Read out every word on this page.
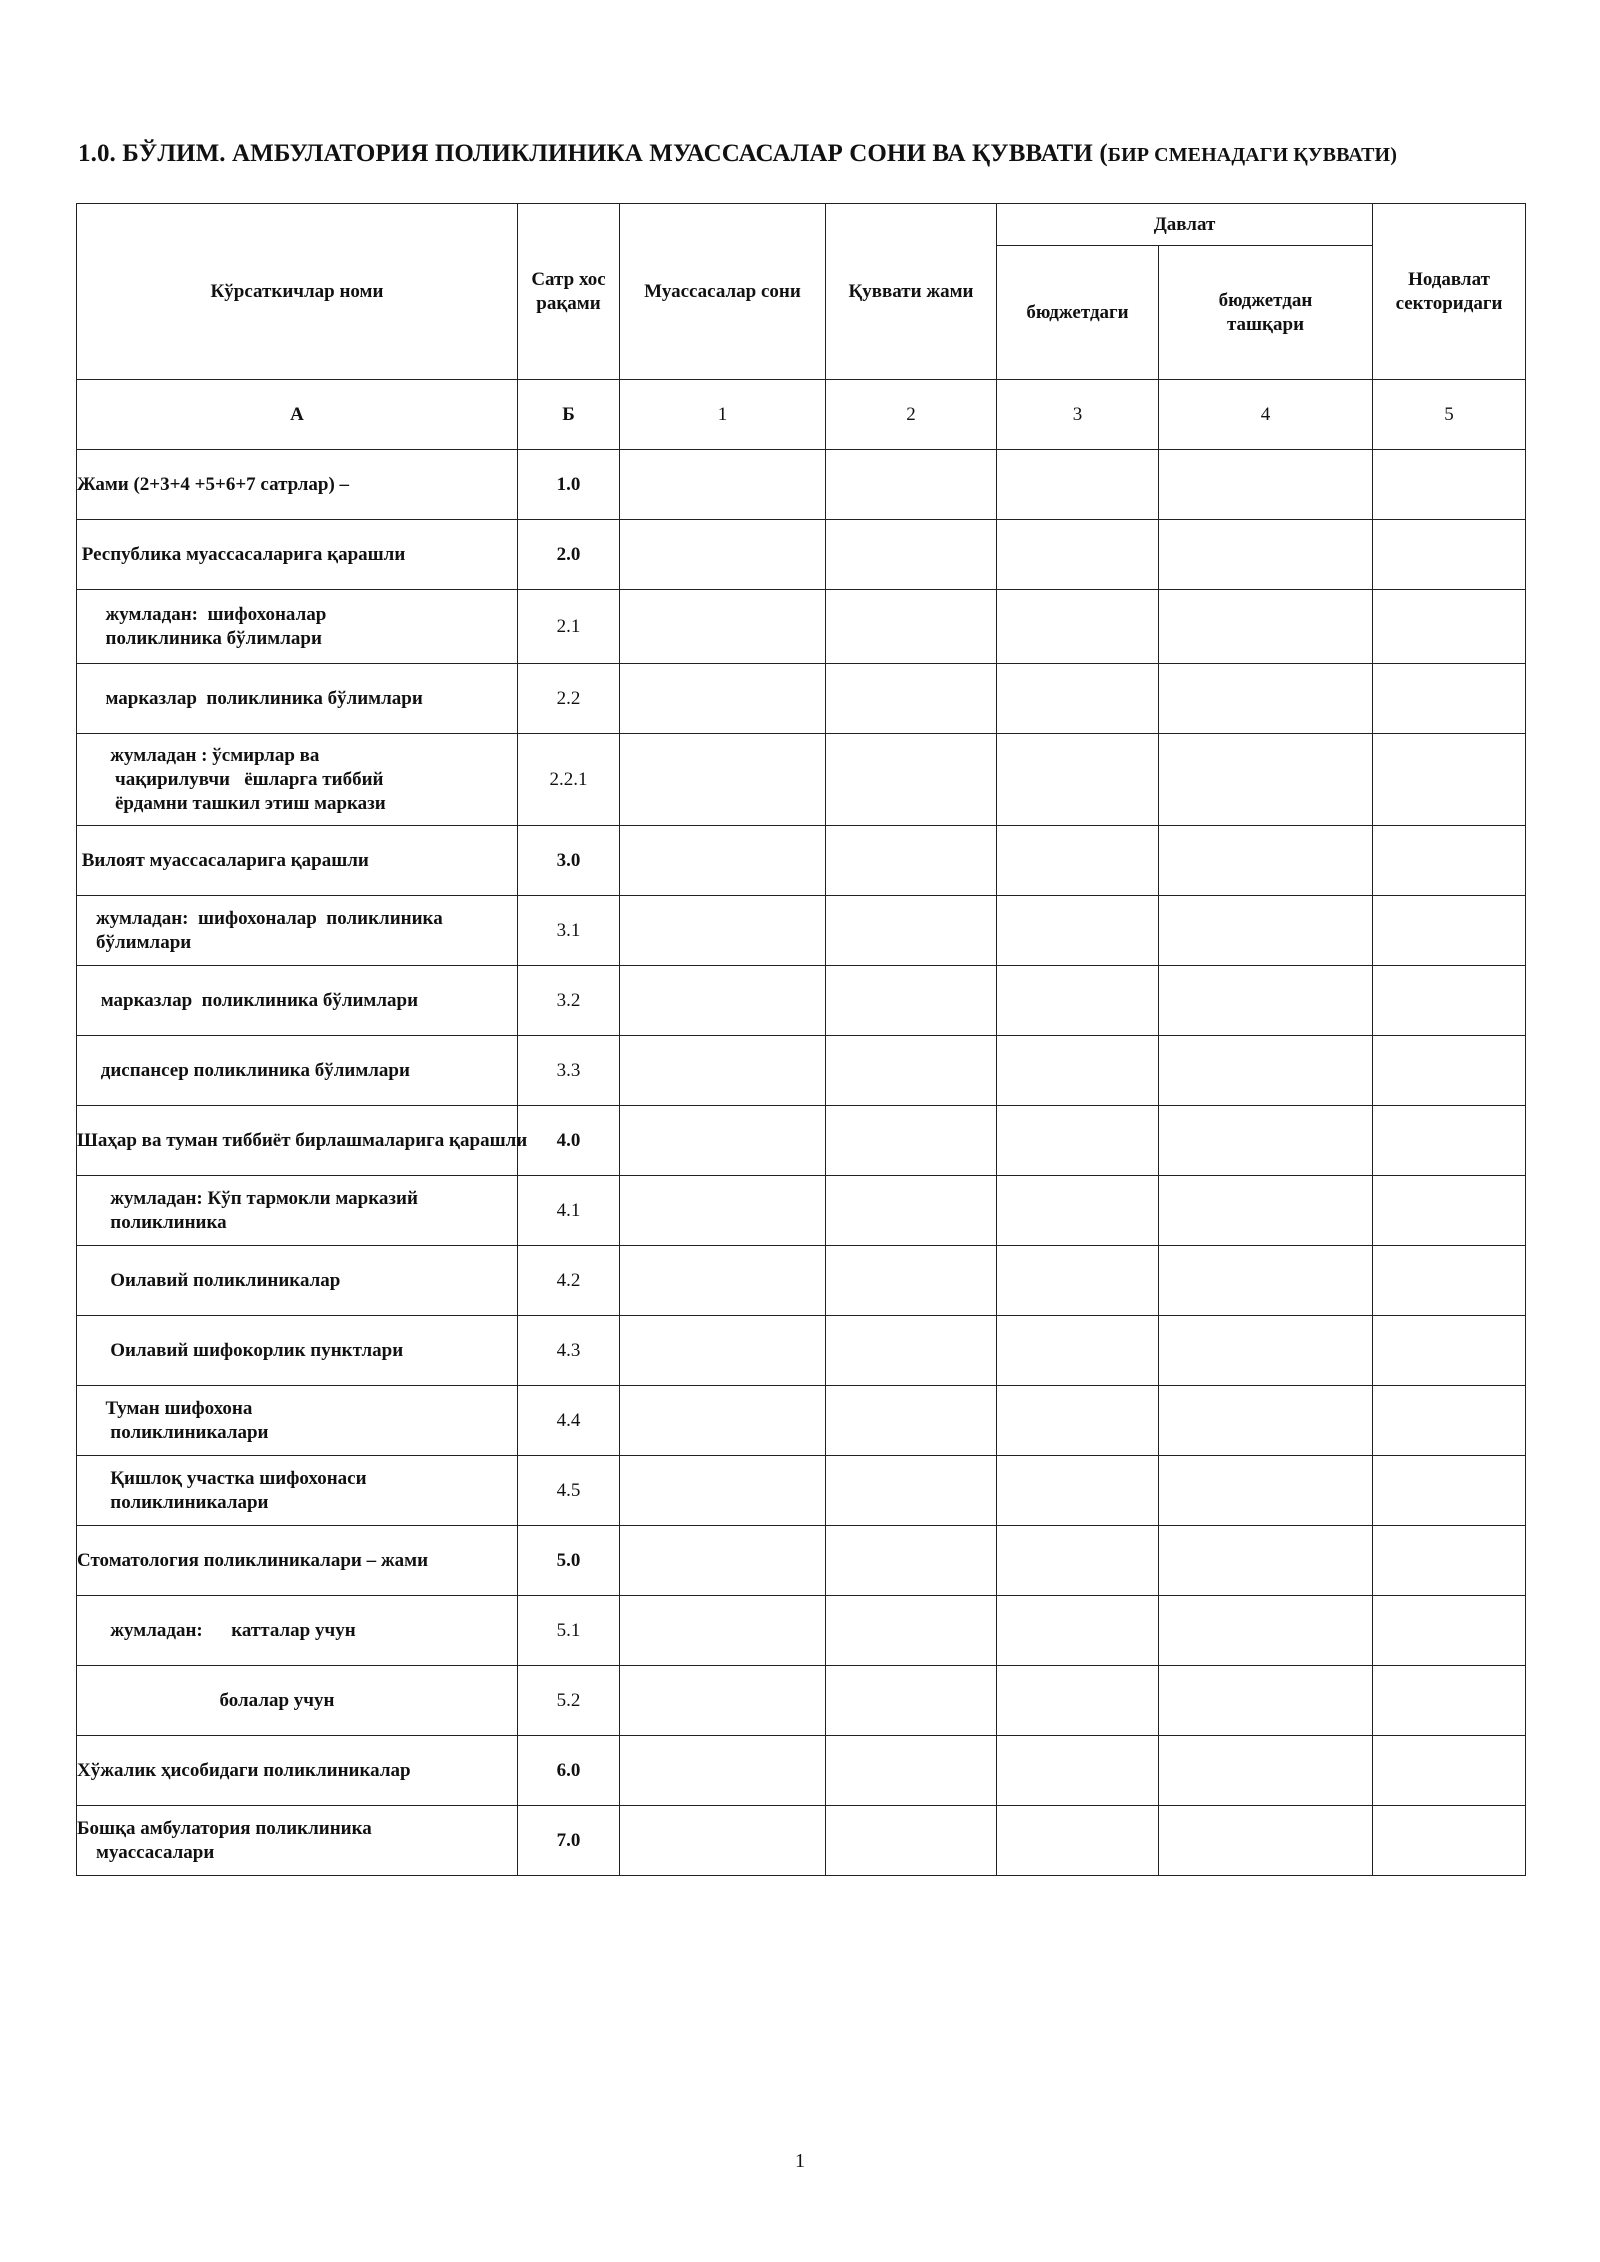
1.0. БЎЛИМ. АМБУЛАТОРИЯ ПОЛИКЛИНИКА МУАССАСАЛАР СОНИ ВА ҚУВВАТИ (БИР СМЕНАДАГИ ҚУВВАТИ)
Кўрсаткичлар номи	Сатр хос рақами	Муассасалар сони	Қуввати жами	Давлат		Нодавлат секторидаги
				бюджетдаги	бюджетдан ташқари	
А	Б	1	2	3	4	5

Жами (2+3+4 +5+6+7 сатрлар) –	1.0					

Республика муассасаларига қарашли	2.0					

жумладан:  шифохоналар
поликлиника бўлимлари	2.1					

марказлар  поликлиника бўлимлари	2.2					

жумладан : ўсмирлар ва
чақирилувчи   ёшларга тиббий
ёрдамни ташкил этиш маркази	2.2.1					

Вилоят муассасаларига қарашли	3.0					

жумладан:  шифохоналар  поликлиника
бўлимлари	3.1					

марказлар  поликлиника бўлимлари	3.2					

диспансер поликлиника бўлимлари	3.3					

Шаҳар ва туман тиббиёт бирлашмаларига қарашли	4.0					

жумладан: Кўп тармокли марказий
поликлиника	4.1					

Оилавий поликлиникалар	4.2					

Оилавий шифокорлик пунктлари	4.3					

Туман шифохона
поликлиникалари	4.4					

Қишлоқ участка шифохонаси
поликлиникалари	4.5					

Стоматология поликлиникалари – жами	5.0					

жумладан:      катталар учун	5.1					

болалар учун	5.2					

Хўжалик ҳисобидаги поликлиникалар	6.0					

Бошқа амбулатория поликлиника
муассасалари	7.0					
1
